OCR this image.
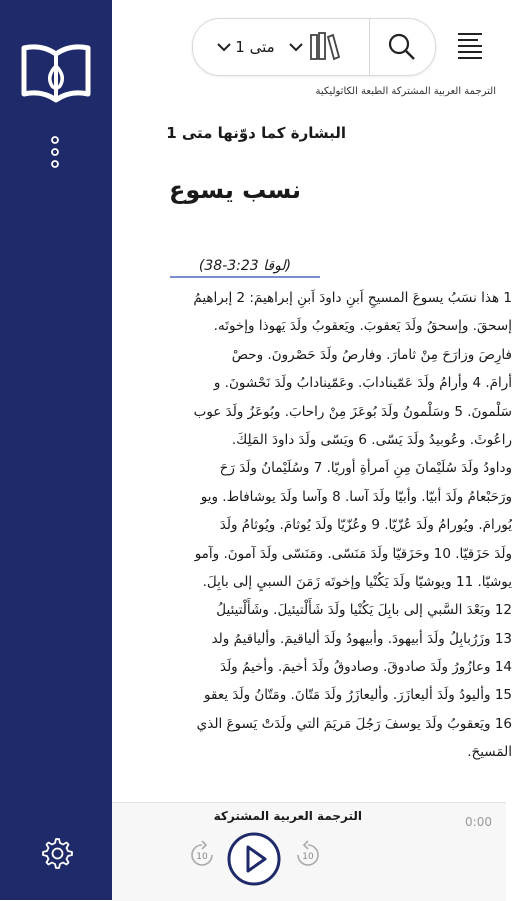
متى 1
الترجمة العربية المشتركة الطبعة الكاثوليكية
البشارة كما دوّنها متى 1
نسب يسوع
(لوقا 3:23-38)
1 هذا نسَبُ يسوعَ المسيحِ اَبنِ داودَ اَبنِ إبراهيمَ: 2 إبراهيمُ
إسحقَ. وإسحقُ ولَدَ يَعقوبَ. ويَعقوبُ ولَدَ يَهوذا وإخوتَه.
فارِصَ وزارَحَ مِنْ ثامارَ. وفارصُ ولَدَ حَصْرونَ. وحصْ
أرامَ. 4 وأرامُ ولَدَ عَمّينادابَ. وعَمّينادابُ ولَدَ نَحْشونَ. و
سَلْمونَ. 5 وسَلْمونُ ولَدَ بُوعَزَ مِنْ راحابَ. وبُوعَزُ ولَدَ عوب
راعُوثَ. وعُوبيدُ ولَدَ يَسّى. 6 ويَسّى ولَدَ داودَ المَلِكَ.
وداودُ ولَدَ سُلَيْمانَ مِنِ اَمرأةِ أوريّا. 7 وسُلَيْمانُ ولَدَ رَحَ
ورَحَبْعامُ ولَدَ أبيّا. وأبيّا ولَدَ آسا. 8 وآسا ولَدَ يوشافاط. ويو
يُورامَ. ويُورامُ ولَدَ عُزّيّا. 9 وعُزّيّا ولَدَ يُوثامَ. ويُوثامُ ولَدَ
ولَدَ حَزَقيّا. 10 وحَزَقيّا ولَدَ مَنَسّى. ومَنَسّى ولَدَ آمونَ. وآمو
يوشيّا. 11 ويوشيّا ولَدَ يَكُنْيا وإخوتَه زَمَنَ السبيِ إلى بابِلَ.
12 وبَعْدَ السَّبي إلى بابِلَ يَكُنْيا ولَدَ شَأَلْتيئيلَ. وشَأَلْتيئيلُ
13 وزَرُبابِلُ ولَدَ أبيهودَ. وأبيهودُ ولَدَ ألياقيمَ. وألياقيمُ ولد
14 وعازُورُ ولَدَ صادوقَ. وصادوقُ ولَدَ أخيمَ. وأخيمُ ولَدَ
15 وأليودُ ولَدَ أليعازَرَ. وأليعازَرُ ولَدَ مَتّانَ. ومَتّانُ ولَدَ يعقو
16 ويَعقوبُ ولَدَ يوسفَ رَجُلَ مَريَمَ التي ولَدَتْ يَسوعَ الذي
المَسيحَ.
الترجمة العربية المشتركة	0:00
10	10
